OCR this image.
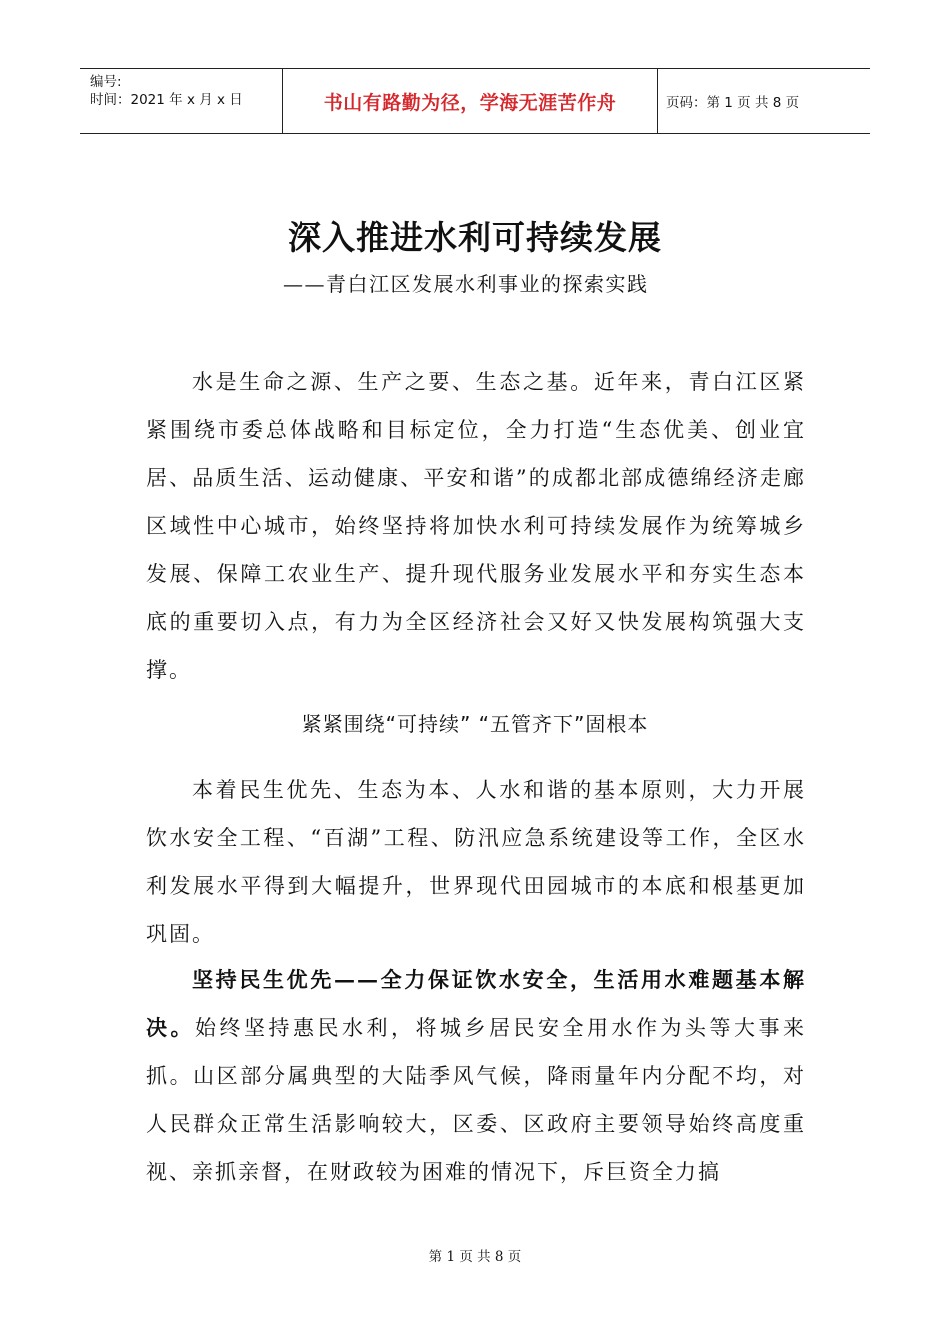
编号:
时间：2021 年 x 月 x 日	书山有路勤为径，学海无涯苦作舟	页码：第 1 页 共 8 页
深入推进水利可持续发展
——青白江区发展水利事业的探索实践
水是生命之源、生产之要、生态之基。近年来，青白江区紧紧围绕市委总体战略和目标定位，全力打造“生态优美、创业宜居、品质生活、运动健康、平安和谐”的成都北部成德绵经济走廊区域性中心城市，始终坚持将加快水利可持续发展作为统筹城乡发展、保障工农业生产、提升现代服务业发展水平和夯实生态本底的重要切入点，有力为全区经济社会又好又快发展构筑强大支撑。
紧紧围绕“可持续” “五管齐下”固根本
本着民生优先、生态为本、人水和谐的基本原则，大力开展饮水安全工程、“百湖”工程、防汛应急系统建设等工作，全区水利发展水平得到大幅提升，世界现代田园城市的本底和根基更加巩固。
坚持民生优先——全力保证饮水安全，生活用水难题基本解决。始终坚持惠民水利，将城乡居民安全用水作为头等大事来抓。山区部分属典型的大陆季风气候，降雨量年内分配不均，对人民群众正常生活影响较大，区委、区政府主要领导始终高度重视、亲抓亲督，在财政较为困难的情况下，斥巨资全力搞
第 1 页 共 8 页
